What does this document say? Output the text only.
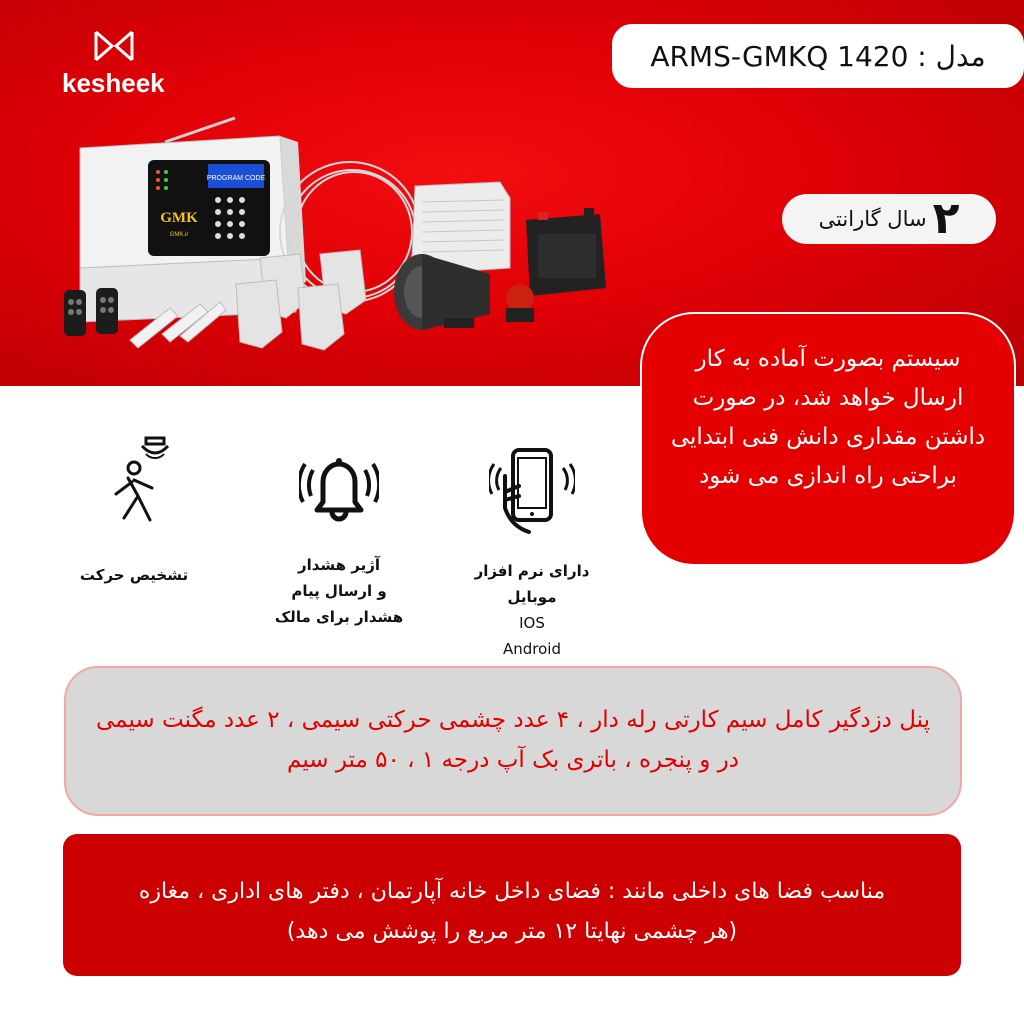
kesheek
PROGRAM CODE
GMK
GMK.ir
مدل : ARMS-GMKQ 1420
۲
سال گارانتی
سیستم بصورت آماده به کار ارسال خواهد شد، در صورت داشتن مقداری دانش فنی ابتدایی براحتی راه اندازی می شود
تشخیص حرکت
آژیر هشدار
و ارسال پیام
هشدار برای مالک
دارای نرم افزار
موبایل
IOS
Android
پنل دزدگیر کامل سیم کارتی رله دار ، ۴ عدد چشمی حرکتی سیمی ، ۲ عدد مگنت سیمی در و پنجره ، باتری بک آپ درجه ۱ ، ۵۰ متر سیم
مناسب فضا های داخلی مانند : فضای داخل خانه آپارتمان ، دفتر های اداری ، مغازه (هر چشمی نهایتا ۱۲ متر مربع را پوشش می دهد)
